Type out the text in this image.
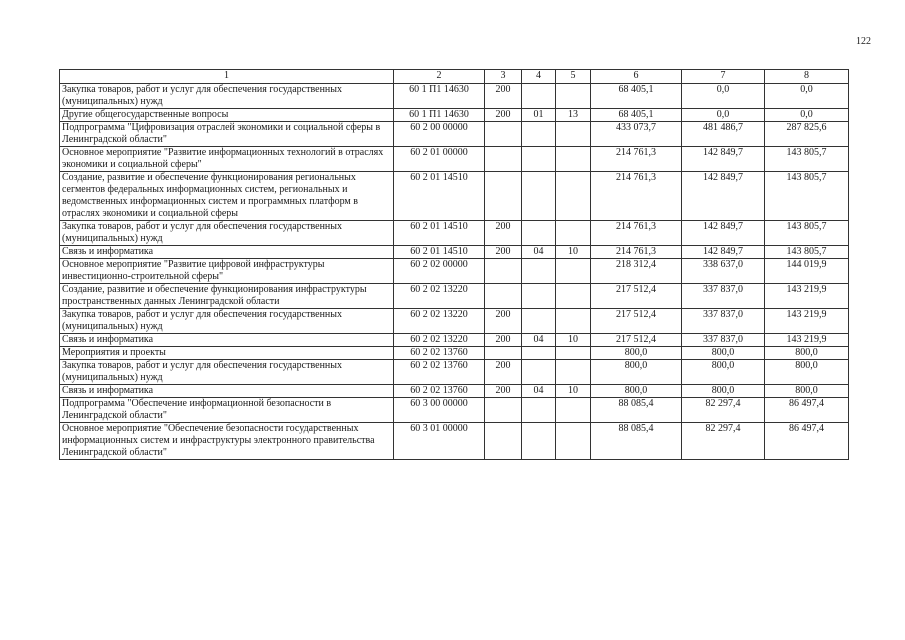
122
1	2	3	4	5	6	7	8
Закупка товаров, работ и услуг для обеспечения государственных (муниципальных) нужд	60 1 П1 14630	200			68 405,1	0,0	0,0
Другие общегосударственные вопросы	60 1 П1 14630	200	01	13	68 405,1	0,0	0,0
Подпрограмма "Цифровизация отраслей экономики и социальной сферы в Ленинградской области"	60 2 00 00000				433 073,7	481 486,7	287 825,6
Основное мероприятие "Развитие информационных технологий в отраслях экономики и социальной сферы"	60 2 01 00000				214 761,3	142 849,7	143 805,7
Создание, развитие и обеспечение функционирования региональных сегментов федеральных информационных систем, региональных и ведомственных информационных систем и программных платформ в отраслях экономики и социальной сферы	60 2 01 14510				214 761,3	142 849,7	143 805,7
Закупка товаров, работ и услуг для обеспечения государственных (муниципальных) нужд	60 2 01 14510	200			214 761,3	142 849,7	143 805,7
Связь и информатика	60 2 01 14510	200	04	10	214 761,3	142 849,7	143 805,7
Основное мероприятие "Развитие цифровой инфраструктуры инвестиционно-строительной сферы"	60 2 02 00000				218 312,4	338 637,0	144 019,9
Создание, развитие и обеспечение функционирования инфраструктуры пространственных данных Ленинградской области	60 2 02 13220				217 512,4	337 837,0	143 219,9
Закупка товаров, работ и услуг для обеспечения государственных (муниципальных) нужд	60 2 02 13220	200			217 512,4	337 837,0	143 219,9
Связь и информатика	60 2 02 13220	200	04	10	217 512,4	337 837,0	143 219,9
Мероприятия и проекты	60 2 02 13760				800,0	800,0	800,0
Закупка товаров, работ и услуг для обеспечения государственных (муниципальных) нужд	60 2 02 13760	200			800,0	800,0	800,0
Связь и информатика	60 2 02 13760	200	04	10	800,0	800,0	800,0
Подпрограмма "Обеспечение информационной безопасности в Ленинградской области"	60 3 00 00000				88 085,4	82 297,4	86 497,4
Основное мероприятие "Обеспечение безопасности государственных информационных систем и инфраструктуры электронного правительства Ленинградской области"	60 3 01 00000				88 085,4	82 297,4	86 497,4
